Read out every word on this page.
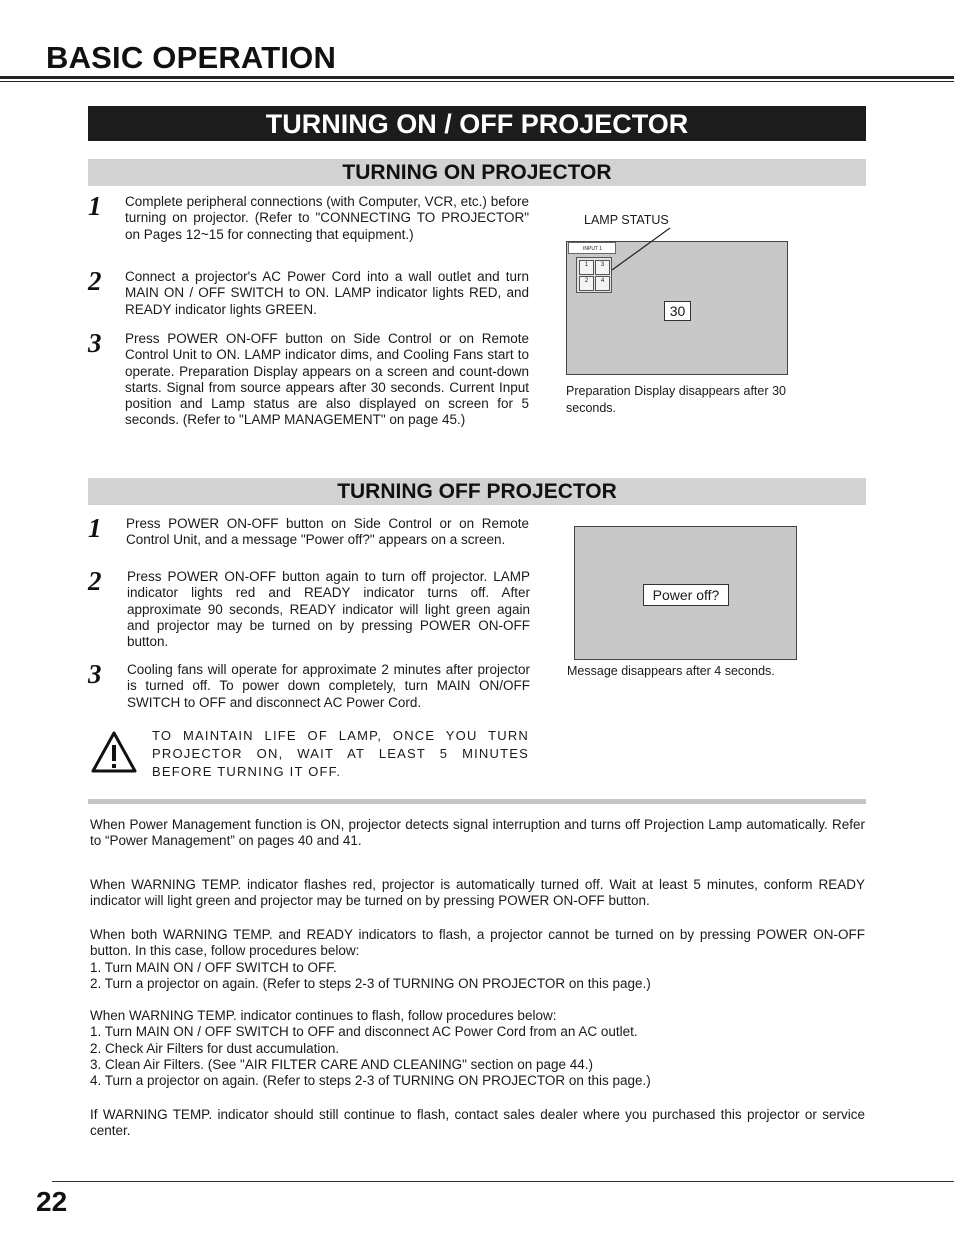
BASIC OPERATION
TURNING ON / OFF PROJECTOR
TURNING ON PROJECTOR
1 Complete peripheral connections (with Computer, VCR, etc.) before turning on projector. (Refer to "CONNECTING TO PROJECTOR" on Pages 12~15 for connecting that equipment.)
2 Connect a projector's AC Power Cord into a wall outlet and turn MAIN ON / OFF SWITCH to ON. LAMP indicator lights RED, and READY indicator lights GREEN.
3 Press POWER ON-OFF button on Side Control or on Remote Control Unit to ON. LAMP indicator dims, and Cooling Fans start to operate. Preparation Display appears on a screen and count-down starts. Signal from source appears after 30 seconds. Current Input position and Lamp status are also displayed on screen for 5 seconds. (Refer to "LAMP MANAGEMENT" on page 45.)
LAMP STATUS
INPUT 1
1	3
2	4
30
Preparation Display disappears after 30 seconds.
TURNING OFF PROJECTOR
1 Press POWER ON-OFF button on Side Control or on Remote Control Unit, and a message "Power off?" appears on a screen.
2 Press POWER ON-OFF button again to turn off projector. LAMP indicator lights red and READY indicator turns off. After approximate 90 seconds, READY indicator will light green again and projector may be turned on by pressing POWER ON-OFF button.
3 Cooling fans will operate for approximate 2 minutes after projector is turned off. To power down completely, turn MAIN ON/OFF SWITCH to OFF and disconnect AC Power Cord.
Power off?
Message disappears after 4 seconds.
TO MAINTAIN LIFE OF LAMP, ONCE YOU TURN PROJECTOR ON, WAIT AT LEAST 5 MINUTES BEFORE TURNING IT OFF.
When Power Management function is ON, projector detects signal interruption and turns off Projection Lamp automatically. Refer to “Power Management” on pages 40 and 41.
When WARNING TEMP. indicator flashes red, projector is automatically turned off. Wait at least 5 minutes, conform READY indicator will light green and projector may be turned on by pressing POWER ON-OFF button.
When both WARNING TEMP. and READY indicators to flash, a projector cannot be turned on by pressing POWER ON-OFF button. In this case, follow procedures below:
1. Turn MAIN ON / OFF SWITCH to OFF.
2. Turn a projector on again. (Refer to steps 2-3 of TURNING ON PROJECTOR on this page.)
When WARNING TEMP. indicator continues to flash, follow procedures below:
1. Turn MAIN ON / OFF SWITCH to OFF and disconnect AC Power Cord from an AC outlet.
2. Check Air Filters for dust accumulation.
3. Clean Air Filters. (See "AIR FILTER CARE AND CLEANING" section on page 44.)
4. Turn a projector on again. (Refer to steps 2-3 of TURNING ON PROJECTOR on this page.)
If WARNING TEMP. indicator should still continue to flash, contact sales dealer where you purchased this projector or service center.
22
